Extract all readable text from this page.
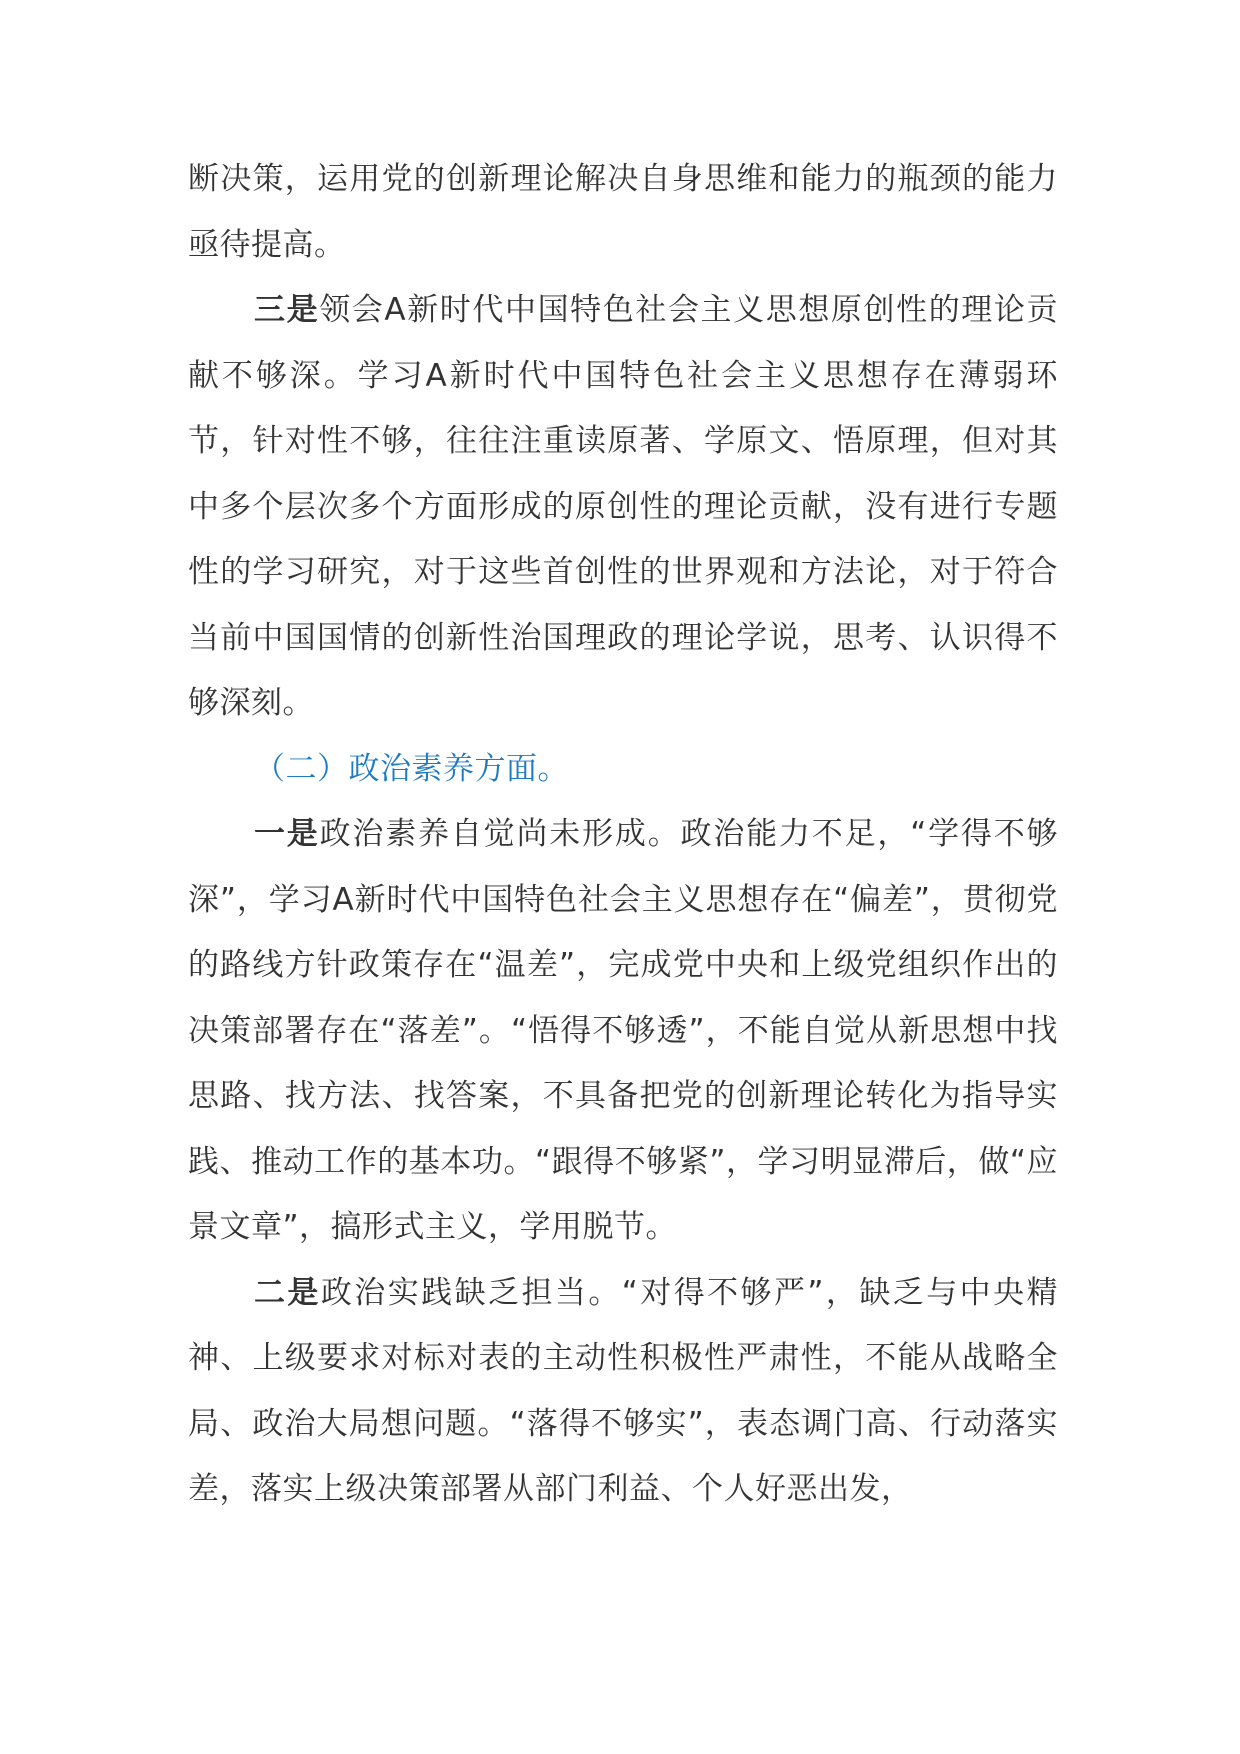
断决策，运用党的创新理论解决自身思维和能力的瓶颈的能力亟待提高。

三是领会A新时代中国特色社会主义思想原创性的理论贡献不够深。学习A新时代中国特色社会主义思想存在薄弱环节，针对性不够，往往注重读原著、学原文、悟原理，但对其中多个层次多个方面形成的原创性的理论贡献，没有进行专题性的学习研究，对于这些首创性的世界观和方法论，对于符合当前中国国情的创新性治国理政的理论学说，思考、认识得不够深刻。

（二）政治素养方面。

一是政治素养自觉尚未形成。政治能力不足，“学得不够深”，学习A新时代中国特色社会主义思想存在“偏差”，贯彻党的路线方针政策存在“温差”，完成党中央和上级党组织作出的决策部署存在“落差”。“悟得不够透”，不能自觉从新思想中找思路、找方法、找答案，不具备把党的创新理论转化为指导实践、推动工作的基本功。“跟得不够紧”，学习明显滞后，做“应景文章”，搞形式主义，学用脱节。

二是政治实践缺乏担当。“对得不够严”，缺乏与中央精神、上级要求对标对表的主动性积极性严肃性，不能从战略全局、政治大局想问题。“落得不够实”，表态调门高、行动落实差，落实上级决策部署从部门利益、个人好恶出发，
